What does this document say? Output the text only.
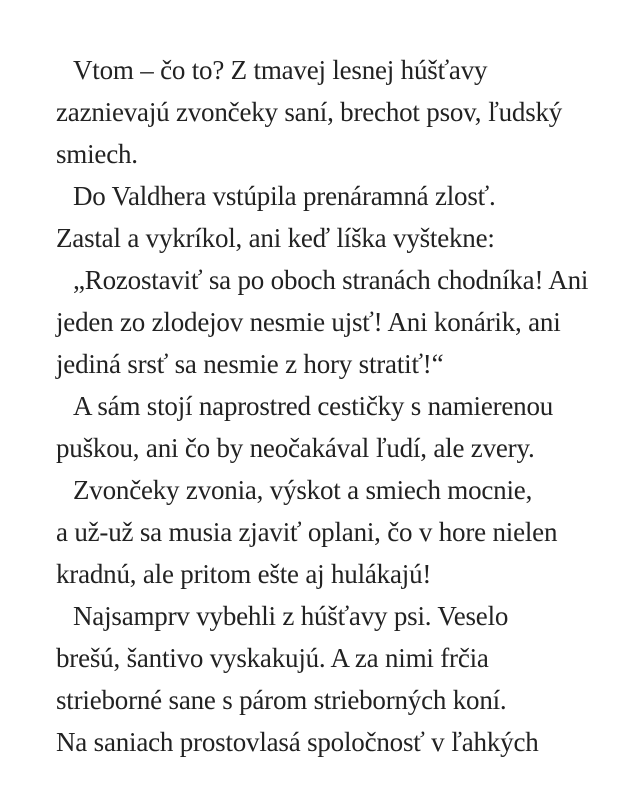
Vtom – čo to? Z tmavej lesnej húšťavy
zaznievajú zvončeky saní, brechot psov, ľudský
smiech.
Do Valdhera vstúpila prenáramná zlosť.
Zastal a vykríkol, ani keď líška vyštekne:
„Rozostaviť sa po oboch stranách chodníka! Ani
jeden zo zlodejov nesmie ujsť! Ani konárik, ani
jediná srsť sa nesmie z hory stratiť!“
A sám stojí naprostred cestičky s namierenou
puškou, ani čo by neočakával ľudí, ale zvery.
Zvončeky zvonia, výskot a smiech mocnie,
a už-už sa musia zjaviť oplani, čo v hore nielen
kradnú, ale pritom ešte aj hulákajú!
Najsamprv vybehli z húšťavy psi. Veselo
brešú, šantivo vyskakujú. A za nimi frčia
strieborné sane s párom strieborných koní.
Na saniach prostovlasá spoločnosť v ľahkých
